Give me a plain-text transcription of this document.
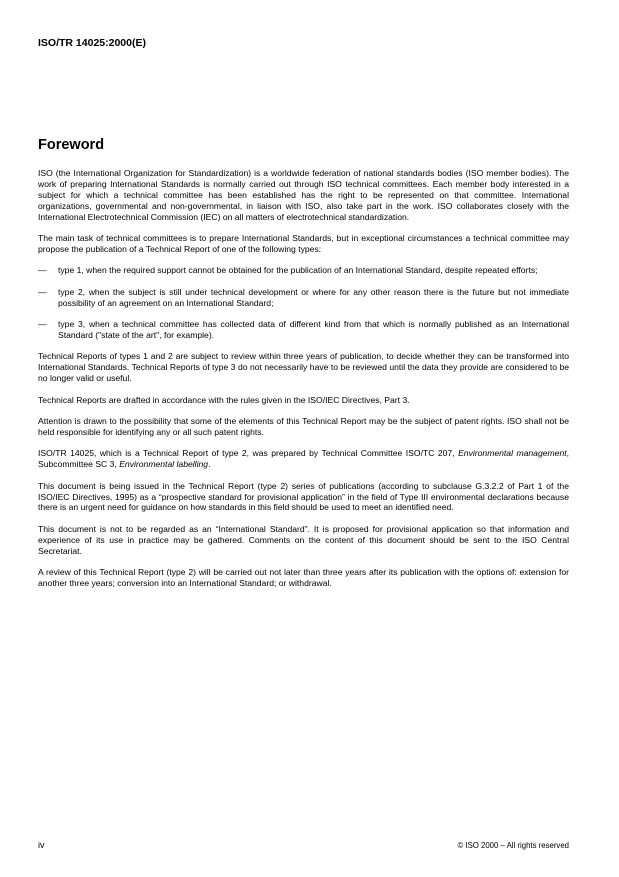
ISO/TR 14025:2000(E)
Foreword

ISO (the International Organization for Standardization) is a worldwide federation of national standards bodies (ISO member bodies). The work of preparing International Standards is normally carried out through ISO technical committees. Each member body interested in a subject for which a technical committee has been established has the right to be represented on that committee. International organizations, governmental and non-governmental, in liaison with ISO, also take part in the work. ISO collaborates closely with the International Electrotechnical Commission (IEC) on all matters of electrotechnical standardization.

The main task of technical committees is to prepare International Standards, but in exceptional circumstances a technical committee may propose the publication of a Technical Report of one of the following types:

— type 1, when the required support cannot be obtained for the publication of an International Standard, despite repeated efforts;
— type 2, when the subject is still under technical development or where for any other reason there is the future but not immediate possibility of an agreement on an International Standard;
— type 3, when a technical committee has collected data of different kind from that which is normally published as an International Standard ("state of the art", for example).

Technical Reports of types 1 and 2 are subject to review within three years of publication, to decide whether they can be transformed into International Standards. Technical Reports of type 3 do not necessarily have to be reviewed until the data they provide are considered to be no longer valid or useful.

Technical Reports are drafted in accordance with the rules given in the ISO/IEC Directives, Part 3.

Attention is drawn to the possibility that some of the elements of this Technical Report may be the subject of patent rights. ISO shall not be held responsible for identifying any or all such patent rights.

ISO/TR 14025, which is a Technical Report of type 2, was prepared by Technical Committee ISO/TC 207, Environmental management, Subcommittee SC 3, Environmental labelling.

This document is being issued in the Technical Report (type 2) series of publications (according to subclause G.3.2.2 of Part 1 of the ISO/IEC Directives, 1995) as a “prospective standard for provisional application” in the field of Type III environmental declarations because there is an urgent need for guidance on how standards in this field should be used to meet an identified need.

This document is not to be regarded as an “International Standard”. It is proposed for provisional application so that information and experience of its use in practice may be gathered. Comments on the content of this document should be sent to the ISO Central Secretariat.

A review of this Technical Report (type 2) will be carried out not later than three years after its publication with the options of: extension for another three years; conversion into an International Standard; or withdrawal.

iv	© ISO 2000 – All rights reserved
